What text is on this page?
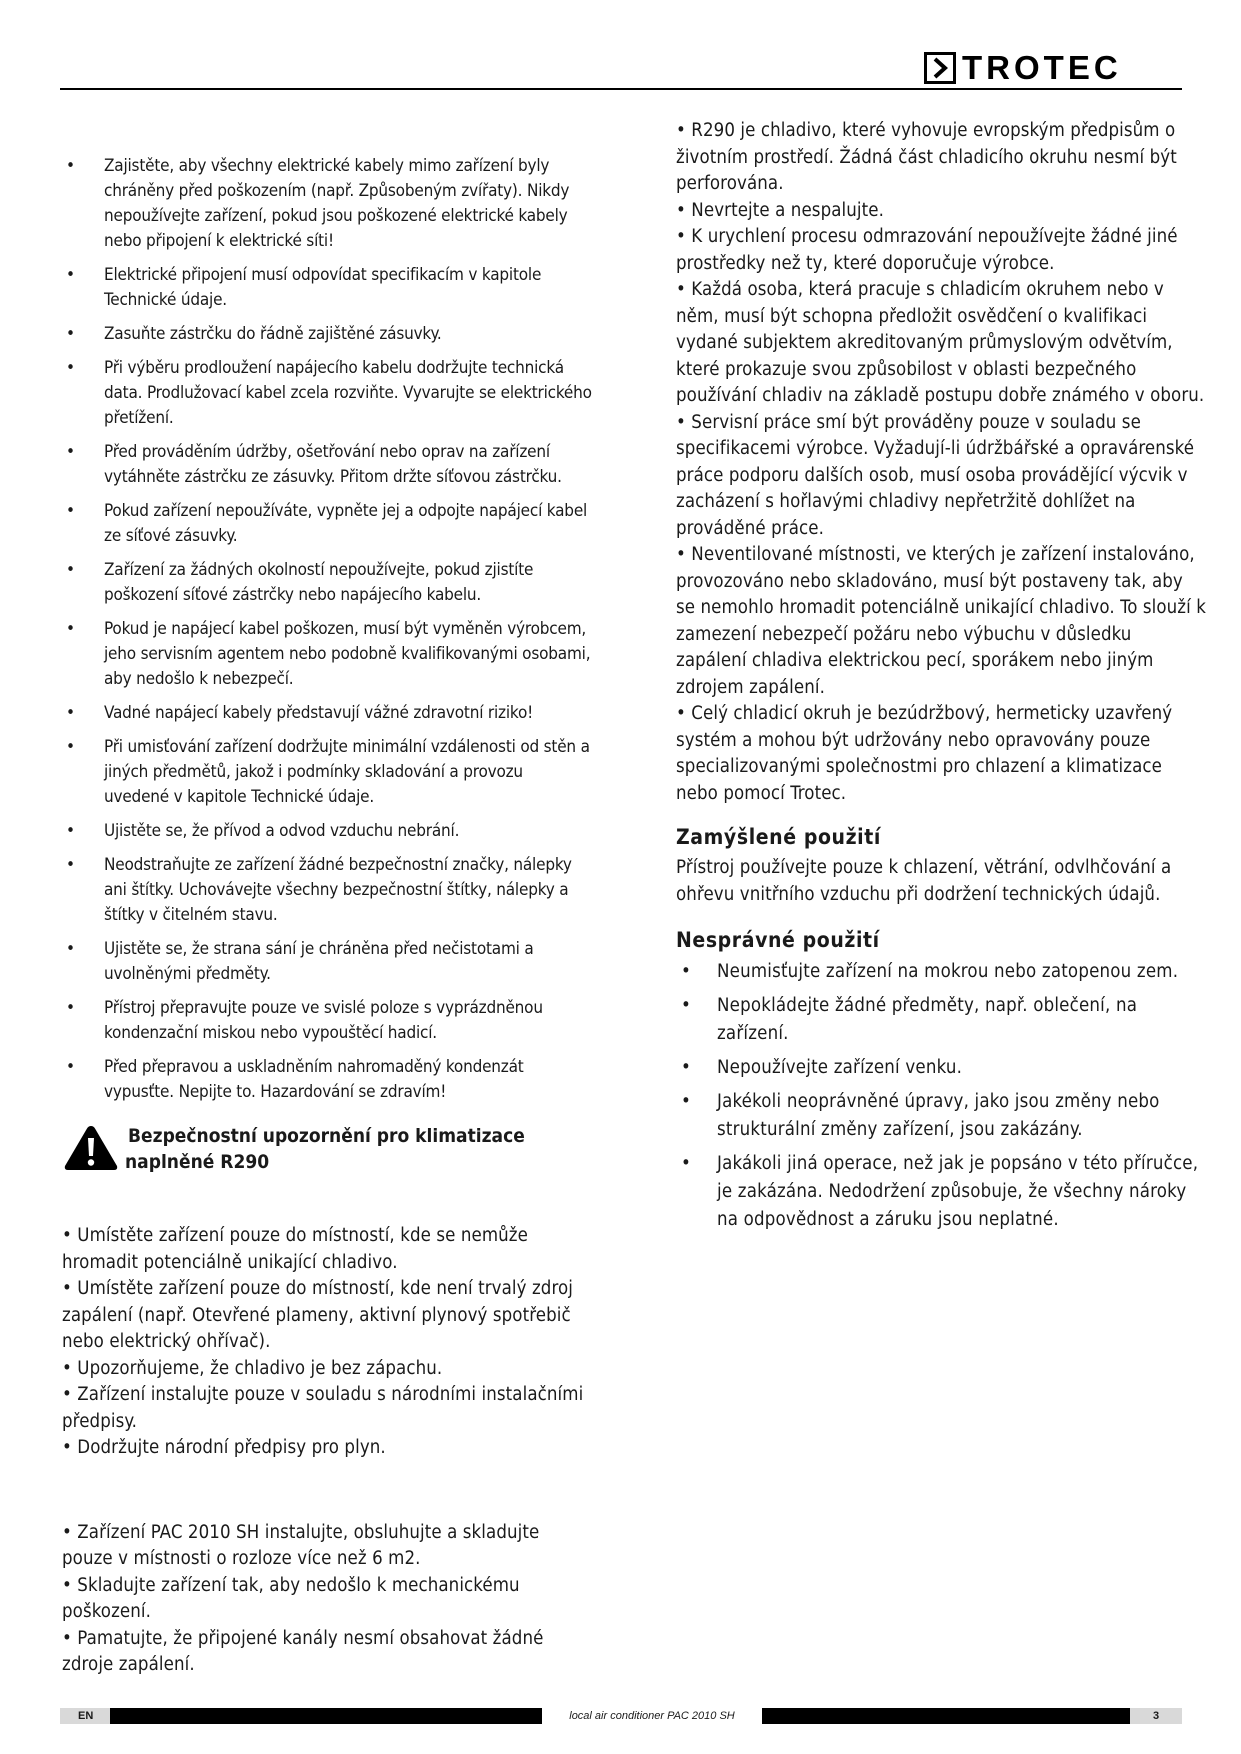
TROTEC
• Zajistěte, aby všechny elektrické kabely mimo zařízení byly chráněny před poškozením (např. Způsobeným zvířaty). Nikdy nepoužívejte zařízení, pokud jsou poškozené elektrické kabely nebo připojení k elektrické síti!
• Elektrické připojení musí odpovídat specifikacím v kapitole Technické údaje.
• Zasuňte zástrčku do řádně zajištěné zásuvky.
• Při výběru prodloužení napájecího kabelu dodržujte technická data. Prodlužovací kabel zcela rozviňte. Vyvarujte se elektrického přetížení.
• Před prováděním údržby, ošetřování nebo oprav na zařízení vytáhněte zástrčku ze zásuvky. Přitom držte síťovou zástrčku.
• Pokud zařízení nepoužíváte, vypněte jej a odpojte napájecí kabel ze síťové zásuvky.
• Zařízení za žádných okolností nepoužívejte, pokud zjistíte poškození síťové zástrčky nebo napájecího kabelu.
• Pokud je napájecí kabel poškozen, musí být vyměněn výrobcem, jeho servisním agentem nebo podobně kvalifikovanými osobami, aby nedošlo k nebezpečí.
• Vadné napájecí kabely představují vážné zdravotní riziko!
• Při umisťování zařízení dodržujte minimální vzdálenosti od stěn a jiných předmětů, jakož i podmínky skladování a provozu uvedené v kapitole Technické údaje.
• Ujistěte se, že přívod a odvod vzduchu nebrání.
• Neodstraňujte ze zařízení žádné bezpečnostní značky, nálepky ani štítky. Uchovávejte všechny bezpečnostní štítky, nálepky a štítky v čitelném stavu.
• Ujistěte se, že strana sání je chráněna před nečistotami a uvolněnými předměty.
• Přístroj přepravujte pouze ve svislé poloze s vyprázdněnou kondenzační miskou nebo vypouštěcí hadicí.
• Před přepravou a uskladněním nahromaděný kondenzát vypusťte. Nepijte to. Hazardování se zdravím!
Bezpečnostní upozornění pro klimatizace
naplněné R290

• Umístěte zařízení pouze do místností, kde se nemůže hromadit potenciálně unikající chladivo.

• Umístěte zařízení pouze do místností, kde není trvalý zdroj zapálení (např. Otevřené plameny, aktivní plynový spotřebič nebo elektrický ohřívač).

• Upozorňujeme, že chladivo je bez zápachu.

• Zařízení instalujte pouze v souladu s národními instalačními předpisy.

• Dodržujte národní předpisy pro plyn.

• Zařízení PAC 2010 SH instalujte, obsluhujte a skladujte pouze v místnosti o rozloze více než 6 m2.

• Skladujte zařízení tak, aby nedošlo k mechanickému poškození.

• Pamatujte, že připojené kanály nesmí obsahovat žádné zdroje zapálení.

• R290 je chladivo, které vyhovuje evropským předpisům o životním prostředí. Žádná část chladicího okruhu nesmí být perforována.

• Nevrtejte a nespalujte.

• K urychlení procesu odmrazování nepoužívejte žádné jiné prostředky než ty, které doporučuje výrobce.

• Každá osoba, která pracuje s chladicím okruhem nebo v něm, musí být schopna předložit osvědčení o kvalifikaci vydané subjektem akreditovaným průmyslovým odvětvím, které prokazuje svou způsobilost v oblasti bezpečného používání chladiv na základě postupu dobře známého v oboru.

• Servisní práce smí být prováděny pouze v souladu se specifikacemi výrobce. Vyžadují-li údržbářské a opravárenské práce podporu dalších osob, musí osoba provádějící výcvik v zacházení s hořlavými chladivy nepřetržitě dohlížet na prováděné práce.

• Neventilované místnosti, ve kterých je zařízení instalováno, provozováno nebo skladováno, musí být postaveny tak, aby se nemohlo hromadit potenciálně unikající chladivo. To slouží k zamezení nebezpečí požáru nebo výbuchu v důsledku zapálení chladiva elektrickou pecí, sporákem nebo jiným zdrojem zapálení.

• Celý chladicí okruh je bezúdržbový, hermeticky uzavřený systém a mohou být udržovány nebo opravovány pouze specializovanými společnostmi pro chlazení a klimatizace nebo pomocí Trotec.

Zamýšlené použití

Přístroj používejte pouze k chlazení, větrání, odvlhčování a ohřevu vnitřního vzduchu při dodržení technických údajů.

Nesprávné použití
• Neumisťujte zařízení na mokrou nebo zatopenou zem.
• Nepokládejte žádné předměty, např. oblečení, na zařízení.
• Nepoužívejte zařízení venku.
• Jakékoli neoprávněné úpravy, jako jsou změny nebo strukturální změny zařízení, jsou zakázány.
• Jakákoli jiná operace, než jak je popsáno v této příručce, je zakázána. Nedodržení způsobuje, že všechny nároky na odpovědnost a záruku jsou neplatné.
EN	local air conditioner PAC 2010 SH	3
